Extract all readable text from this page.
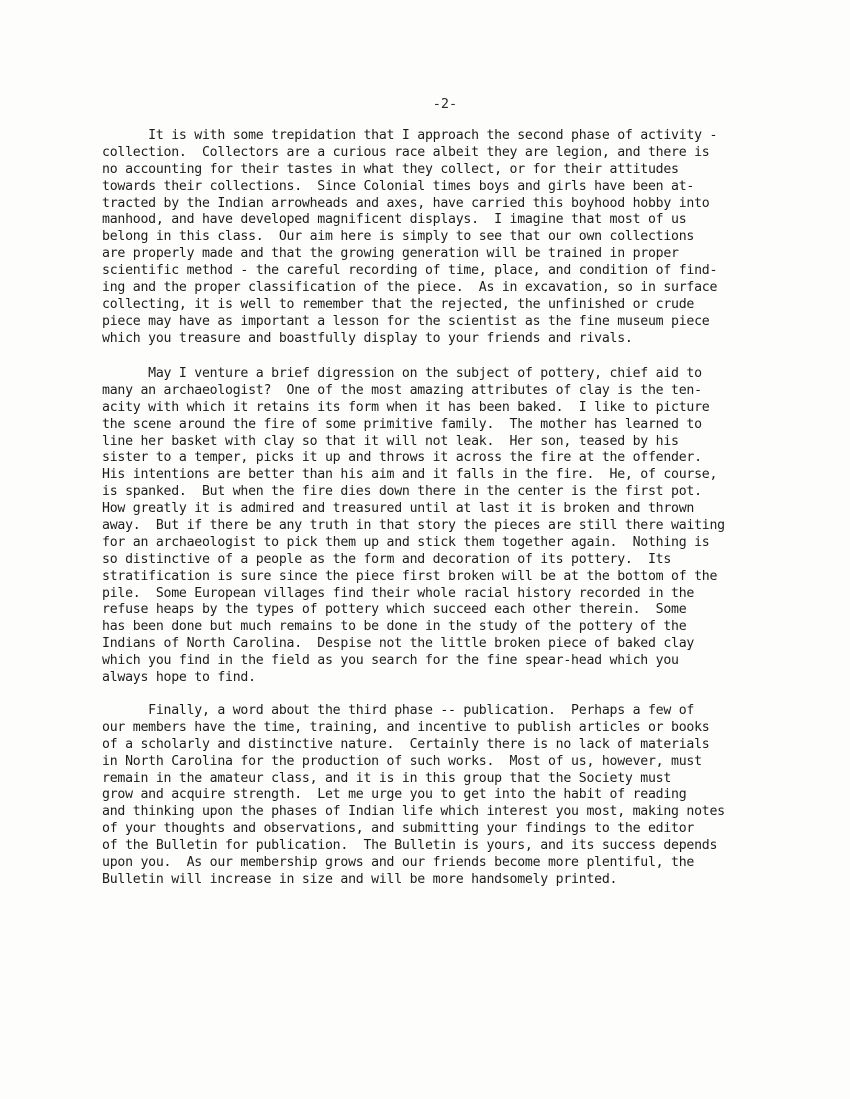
-2-
It is with some trepidation that I approach the second phase of activity -
collection.  Collectors are a curious race albeit they are legion, and there is
no accounting for their tastes in what they collect, or for their attitudes
towards their collections.  Since Colonial times boys and girls have been at-
tracted by the Indian arrowheads and axes, have carried this boyhood hobby into
manhood, and have developed magnificent displays.  I imagine that most of us
belong in this class.  Our aim here is simply to see that our own collections
are properly made and that the growing generation will be trained in proper
scientific method - the careful recording of time, place, and condition of find-
ing and the proper classification of the piece.  As in excavation, so in surface
collecting, it is well to remember that the rejected, the unfinished or crude
piece may have as important a lesson for the scientist as the fine museum piece
which you treasure and boastfully display to your friends and rivals.
May I venture a brief digression on the subject of pottery, chief aid to
many an archaeologist?  One of the most amazing attributes of clay is the ten-
acity with which it retains its form when it has been baked.  I like to picture
the scene around the fire of some primitive family.  The mother has learned to
line her basket with clay so that it will not leak.  Her son, teased by his
sister to a temper, picks it up and throws it across the fire at the offender.
His intentions are better than his aim and it falls in the fire.  He, of course,
is spanked.  But when the fire dies down there in the center is the first pot.
How greatly it is admired and treasured until at last it is broken and thrown
away.  But if there be any truth in that story the pieces are still there waiting
for an archaeologist to pick them up and stick them together again.  Nothing is
so distinctive of a people as the form and decoration of its pottery.  Its
stratification is sure since the piece first broken will be at the bottom of the
pile.  Some European villages find their whole racial history recorded in the
refuse heaps by the types of pottery which succeed each other therein.  Some
has been done but much remains to be done in the study of the pottery of the
Indians of North Carolina.  Despise not the little broken piece of baked clay
which you find in the field as you search for the fine spear-head which you
always hope to find.
Finally, a word about the third phase -- publication.  Perhaps a few of
our members have the time, training, and incentive to publish articles or books
of a scholarly and distinctive nature.  Certainly there is no lack of materials
in North Carolina for the production of such works.  Most of us, however, must
remain in the amateur class, and it is in this group that the Society must
grow and acquire strength.  Let me urge you to get into the habit of reading
and thinking upon the phases of Indian life which interest you most, making notes
of your thoughts and observations, and submitting your findings to the editor
of the Bulletin for publication.  The Bulletin is yours, and its success depends
upon you.  As our membership grows and our friends become more plentiful, the
Bulletin will increase in size and will be more handsomely printed.
